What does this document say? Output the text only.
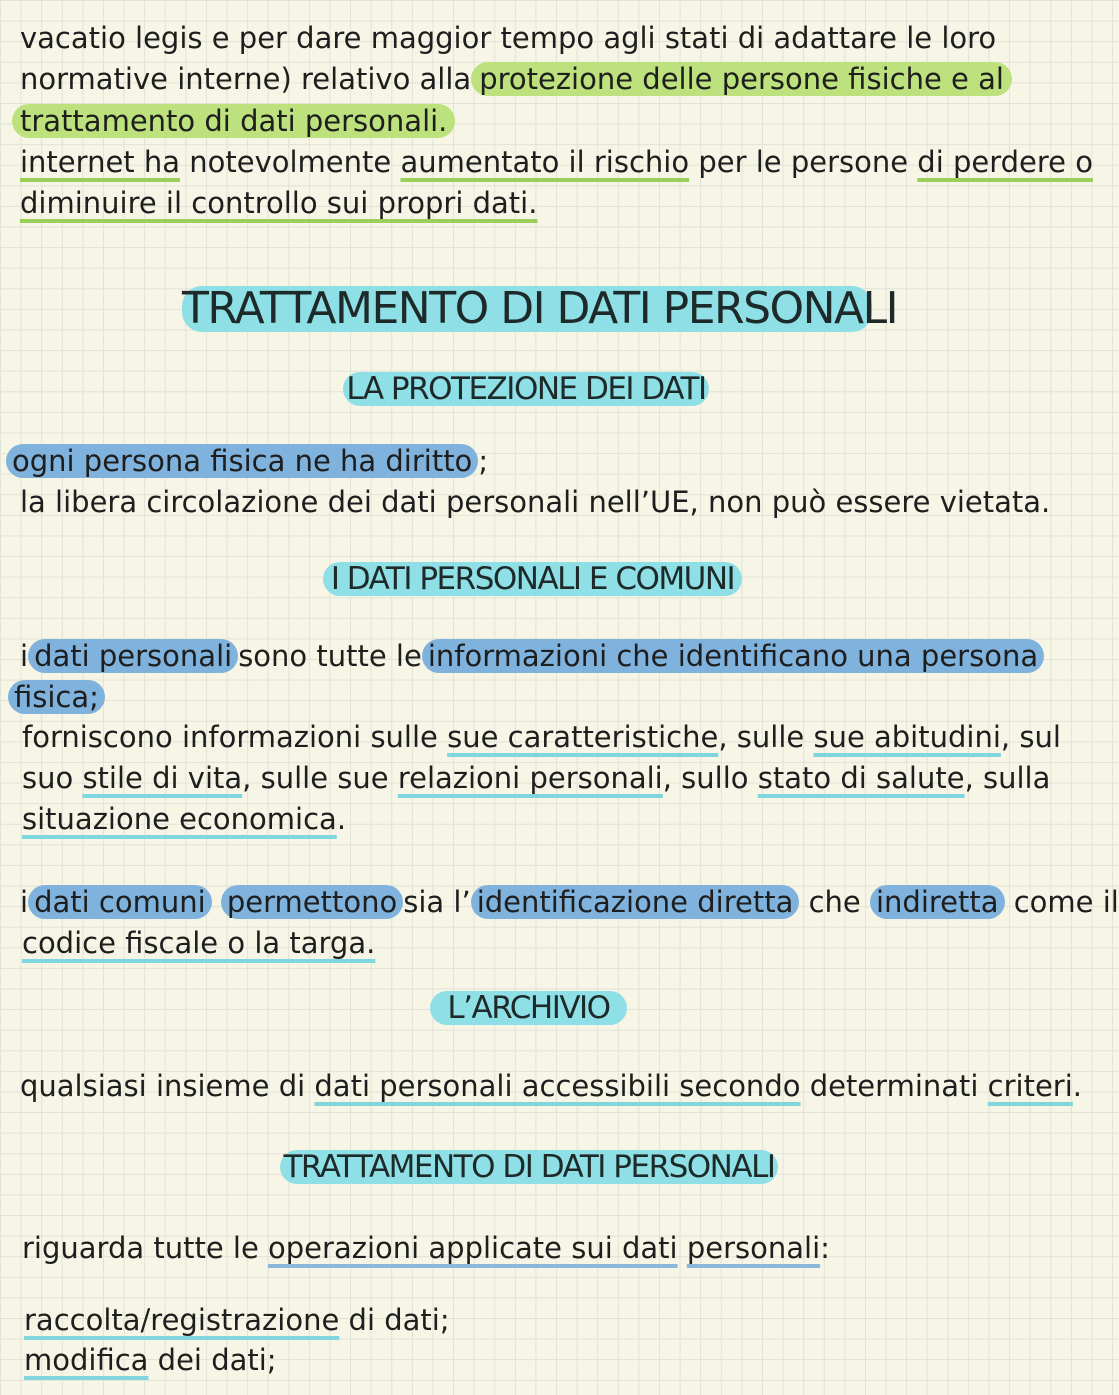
vacatio legis e per dare maggior tempo agli stati di adattare le loro
normative interne) relativo alla protezione delle persone fisiche e al
trattamento di dati personali.
internet ha notevolmente aumentato il rischio per le persone di perdere o
diminuire il controllo sui propri dati.
TRATTAMENTO DI DATI PERSONALI
LA PROTEZIONE DEI DATI
ogni persona fisica ne ha diritto ;
la libera circolazione dei dati personali nell’UE, non può essere vietata.
I DATI PERSONALI E COMUNI
i dati personali sono tutte le informazioni che identificano una persona
fisica;
forniscono informazioni sulle sue caratteristiche, sulle sue abitudini, sul
suo stile di vita, sulle sue relazioni personali, sullo stato di salute, sulla
situazione economica.
i dati comuni permettono sia l’ identificazione diretta che indiretta come il
codice fiscale o la targa.
L’ARCHIVIO
qualsiasi insieme di dati personali accessibili secondo determinati criteri.
TRATTAMENTO DI DATI PERSONALI
riguarda tutte le operazioni applicate sui dati personali:
raccolta/registrazione di dati;
modifica dei dati;
